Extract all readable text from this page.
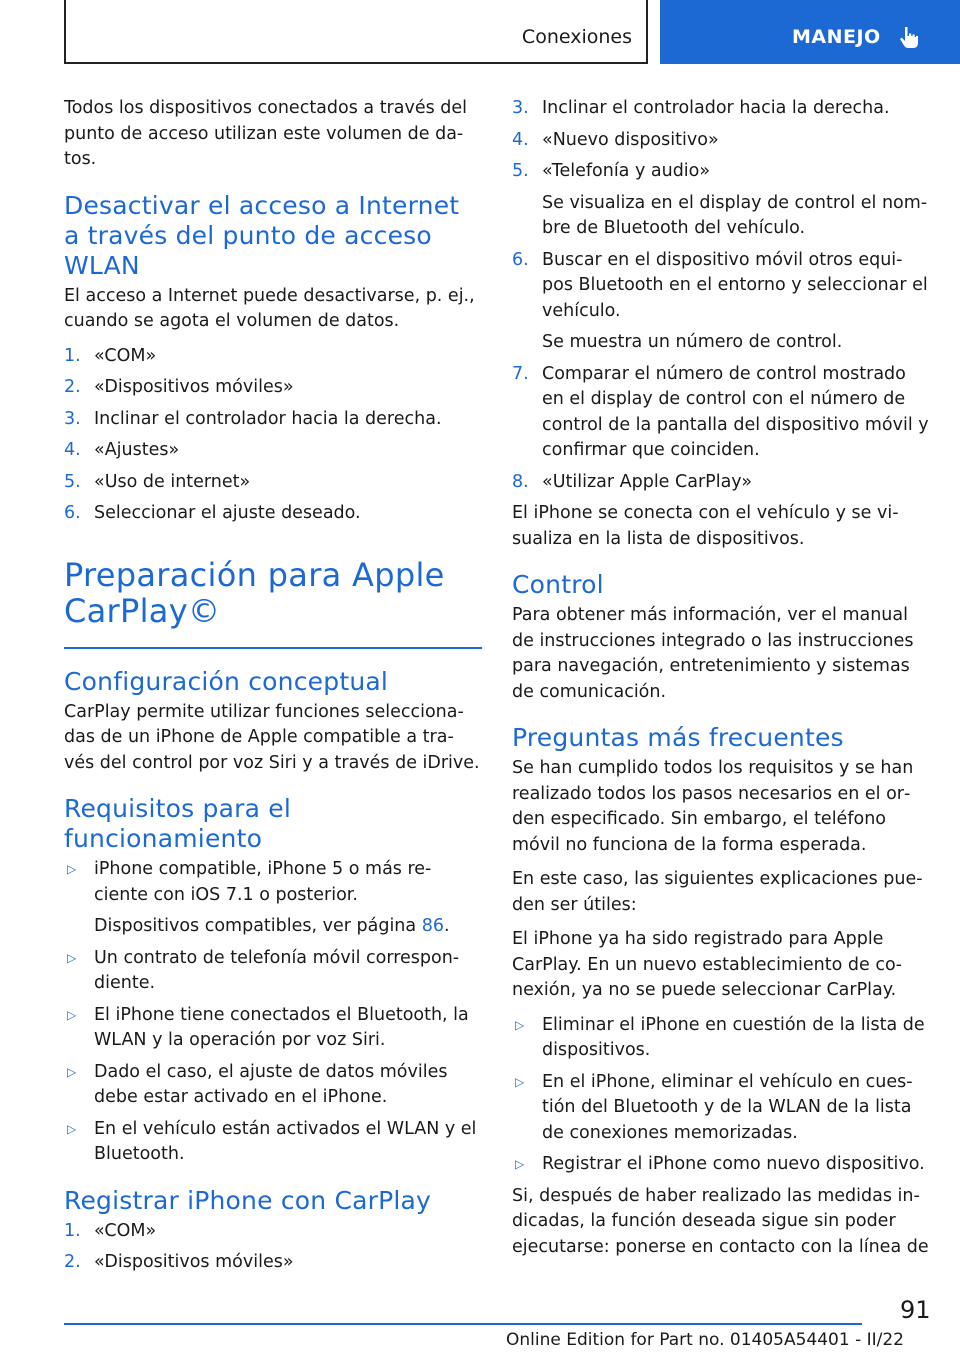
Conexiones	MANEJO

Todos los dispositivos conectados a través del punto de acceso utilizan este volumen de da‐ tos.

Desactivar el acceso a Internet a través del punto de acceso WLAN

El acceso a Internet puede desactivarse, p. ej., cuando se agota el volumen de datos.

1. «COM»
2. «Dispositivos móviles»
3. Inclinar el controlador hacia la derecha.
4. «Ajustes»
5. «Uso de internet»
6. Seleccionar el ajuste deseado.
Preparación para Apple CarPlay©
Configuración conceptual

CarPlay permite utilizar funciones selecciona‐ das de un iPhone de Apple compatible a tra‐ vés del control por voz Siri y a través de iDrive.

Requisitos para el funcionamiento
▷ iPhone compatible, iPhone 5 o más re‐ ciente con iOS 7.1 o posterior.
Dispositivos compatibles, ver página 86.
▷ Un contrato de telefonía móvil correspon‐ diente.
▷ El iPhone tiene conectados el Bluetooth, la WLAN y la operación por voz Siri.
▷ Dado el caso, el ajuste de datos móviles debe estar activado en el iPhone.
▷ En el vehículo están activados el WLAN y el Bluetooth.
Registrar iPhone con CarPlay
1. «COM»
2. «Dispositivos móviles»
3. Inclinar el controlador hacia la derecha.
4. «Nuevo dispositivo»
5. «Telefonía y audio»
Se visualiza en el display de control el nom‐ bre de Bluetooth del vehículo.
6. Buscar en el dispositivo móvil otros equi‐ pos Bluetooth en el entorno y seleccionar el vehículo.
Se muestra un número de control.
7. Comparar el número de control mostrado en el display de control con el número de control de la pantalla del dispositivo móvil y confirmar que coinciden.
8. «Utilizar Apple CarPlay»

El iPhone se conecta con el vehículo y se vi‐ sualiza en la lista de dispositivos.

Control

Para obtener más información, ver el manual de instrucciones integrado o las instrucciones para navegación, entretenimiento y sistemas de comunicación.

Preguntas más frecuentes

Se han cumplido todos los requisitos y se han realizado todos los pasos necesarios en el or‐ den especificado. Sin embargo, el teléfono móvil no funciona de la forma esperada.

En este caso, las siguientes explicaciones pue‐ den ser útiles:

El iPhone ya ha sido registrado para Apple CarPlay. En un nuevo establecimiento de co‐ nexión, ya no se puede seleccionar CarPlay.

▷ Eliminar el iPhone en cuestión de la lista de dispositivos.
▷ En el iPhone, eliminar el vehículo en cues‐ tión del Bluetooth y de la WLAN de la lista de conexiones memorizadas.
▷ Registrar el iPhone como nuevo dispositivo.

Si, después de haber realizado las medidas in‐ dicadas, la función deseada sigue sin poder ejecutarse: ponerse en contacto con la línea de

91
Online Edition for Part no. 01405A54401 - II/22
